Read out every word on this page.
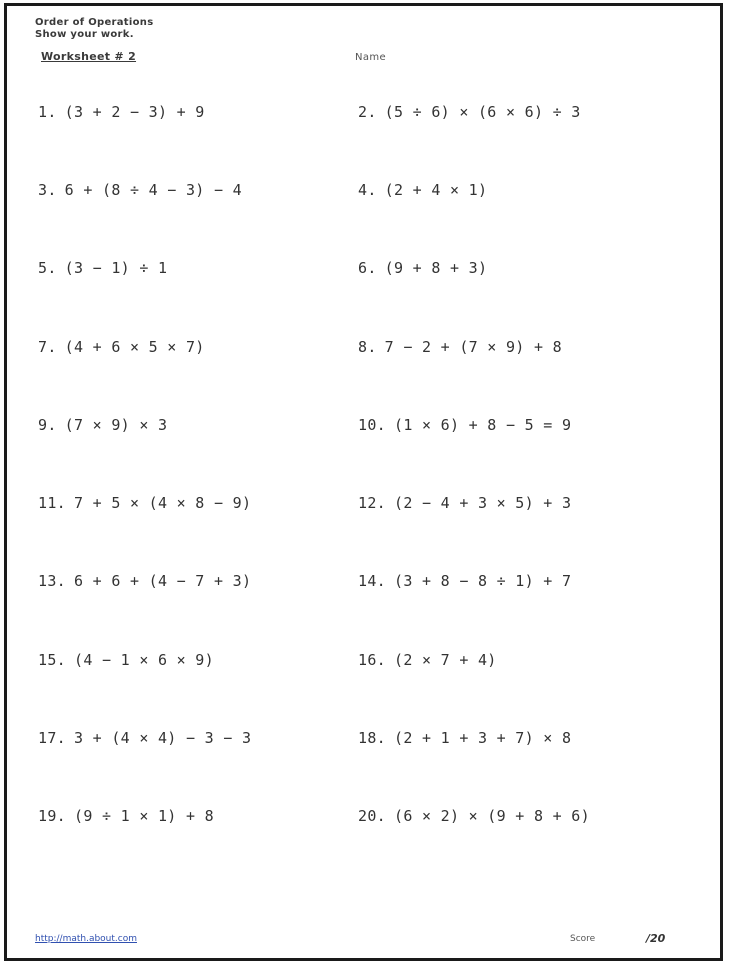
Order of Operations
Show your work.
Worksheet # 2	Name
1. (3 + 2 − 3) + 9	2. (5 ÷ 6) × (6 × 6) ÷ 3
3. 6 + (8 ÷ 4 − 3) − 4	4. (2 + 4 × 1)
5. (3 − 1) ÷ 1	6. (9 + 8 + 3)
7. (4 + 6 × 5 × 7)	8. 7 − 2 + (7 × 9) + 8
9. (7 × 9) × 3	10. (1 × 6) + 8 − 5 = 9
11. 7 + 5 × (4 × 8 − 9)	12. (2 − 4 + 3 × 5) + 3
13. 6 + 6 + (4 − 7 + 3)	14. (3 + 8 − 8 ÷ 1) + 7
15. (4 − 1 × 6 × 9)	16. (2 × 7 + 4)
17. 3 + (4 × 4) − 3 − 3	18. (2 + 1 + 3 + 7) × 8
19. (9 ÷ 1 × 1) + 8	20. (6 × 2) × (9 + 8 + 6)
http://math.about.com	Score	/20
